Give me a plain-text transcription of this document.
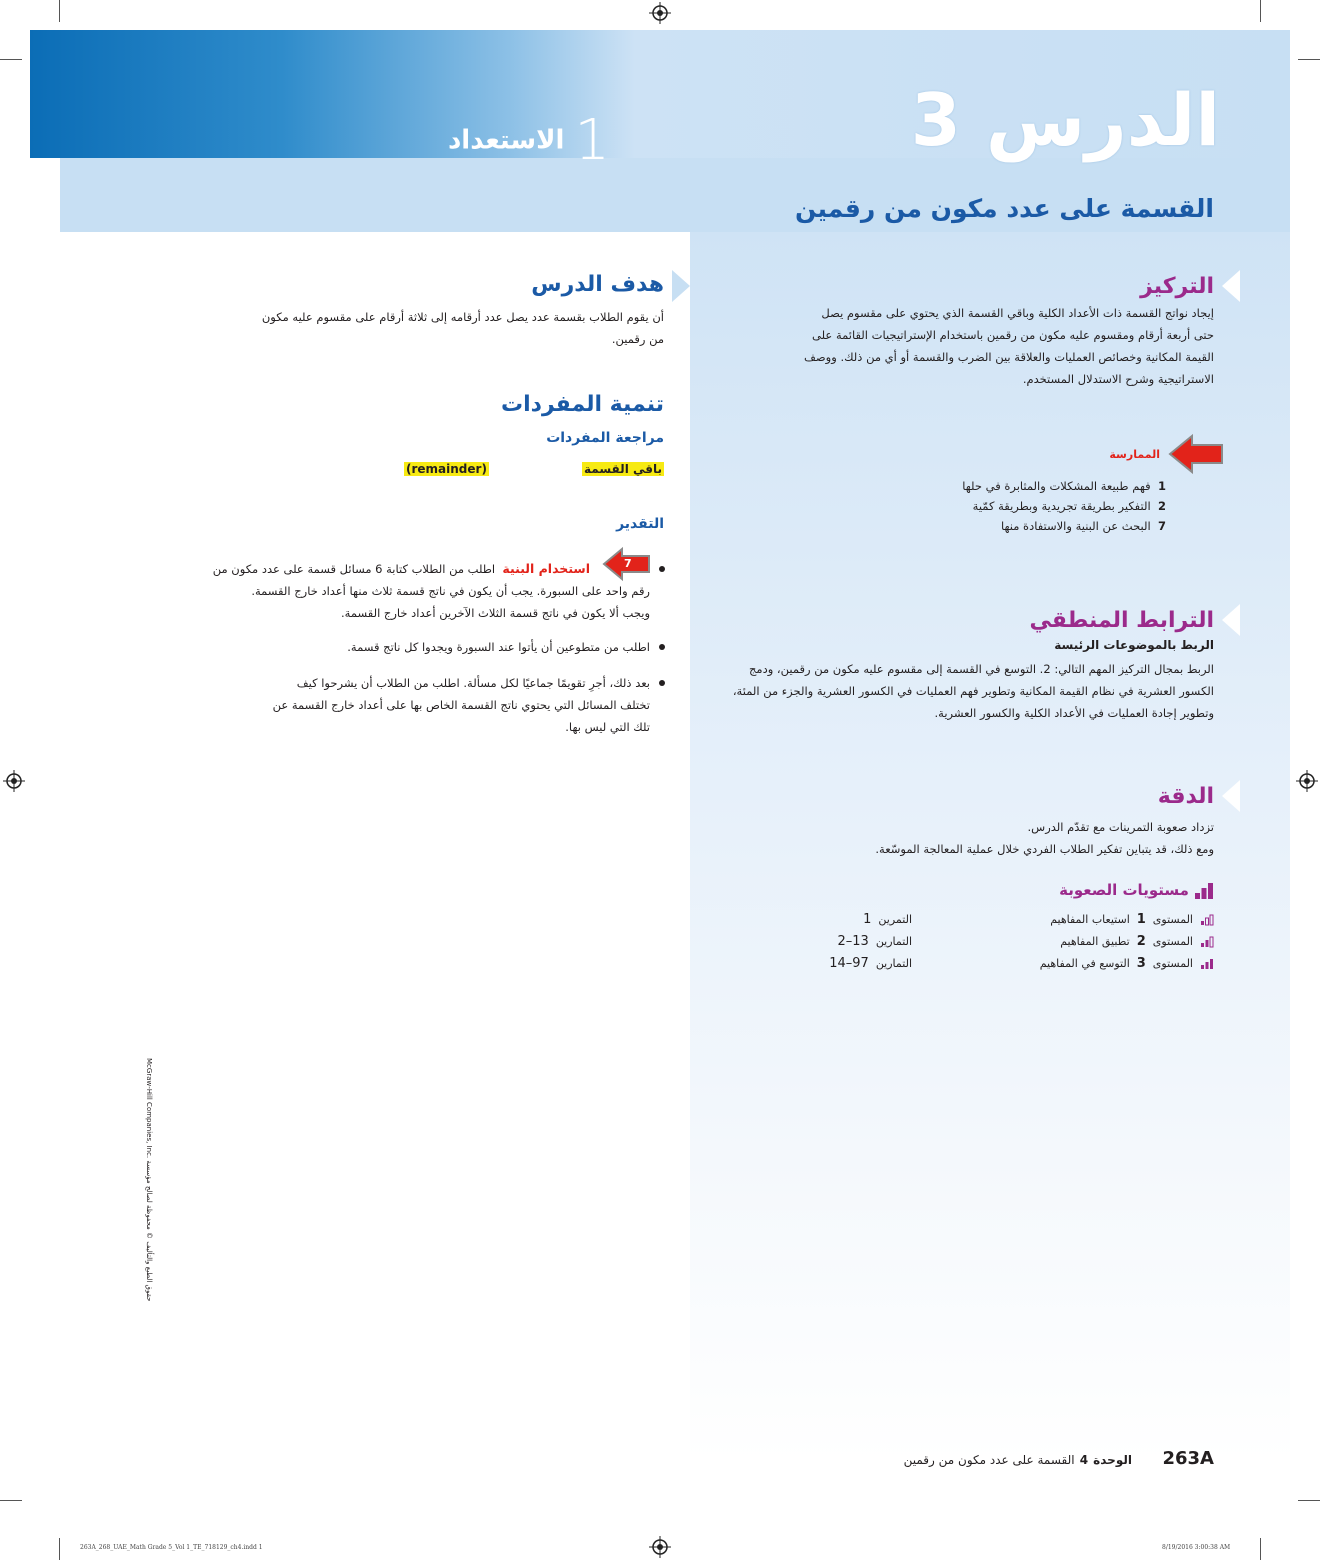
الدرس 3
1الاستعداد
القسمة على عدد مكون من رقمين
التركيز
إيجاد نواتج القسمة ذات الأعداد الكلية وباقي القسمة الذي يحتوي على مقسوم يصل
حتى أربعة أرقام ومقسوم عليه مكون من رقمين باستخدام الإستراتيجيات القائمة على
القيمة المكانية وخصائص العمليات والعلاقة بين الضرب والقسمة أو أي من ذلك. ووصف
الاستراتيجية وشرح الاستدلال المستخدم.
الممارسة
1  فهم طبيعة المشكلات والمثابرة في حلها
2  التفكير بطريقة تجريدية وبطريقة كمّية
7  البحث عن البنية والاستفادة منها
الترابط المنطقي
الربط بالموضوعات الرئيسة
الربط بمجال التركيز المهم التالي: 2. التوسع في القسمة إلى مقسوم عليه مكون من رقمين، ودمج
الكسور العشرية في نظام القيمة المكانية وتطوير فهم العمليات في الكسور العشرية والجزء من المئة،
وتطوير إجادة العمليات في الأعداد الكلية والكسور العشرية.
الدقة
تزداد صعوبة التمرينات مع تقدّم الدرس.
ومع ذلك، قد يتباين تفكير الطلاب الفردي خلال عملية المعالجة الموسّعة.
مستويات الصعوبة
المستوى  1  استيعاب المفاهيم
التمرين  1
المستوى  2  تطبيق المفاهيم
التمارين  13–2
المستوى  3  التوسع في المفاهيم
التمارين  97–14
هدف الدرس
أن يقوم الطلاب بقسمة عدد يصل عدد أرقامه إلى ثلاثة أرقام على مقسوم عليه مكون
من رقمين.
تنمية المفردات
مراجعة المفردات
باقي القسمة
(remainder)
التقدير
7
استخدام البنية  اطلب من الطلاب كتابة 6 مسائل قسمة على عدد مكون من
رقم واحد على السبورة. يجب أن يكون في ناتج قسمة ثلاث منها أعداد خارج القسمة.
ويجب ألا يكون في ناتج قسمة الثلاث الآخرين أعداد خارج القسمة.
اطلب من متطوعين أن يأتوا عند السبورة ويجدوا كل ناتج قسمة.
بعد ذلك، أجرِ تقويمًا جماعيًا لكل مسألة. اطلب من الطلاب أن يشرحوا كيف
تختلف المسائل التي يحتوي ناتج القسمة الخاص بها على أعداد خارج القسمة عن
تلك التي ليس بها.
McGraw-Hill Companies, Inc. حقوق الطبع والتأليف © محفوظة لصالح مؤسسة
263A      الوحدة 4 القسمة على عدد مكون من رقمين
263A_268_UAE_Math Grade 5_Vol 1_TE_718129_ch4.indd 1	8/19/2016 3:00:38 AM
